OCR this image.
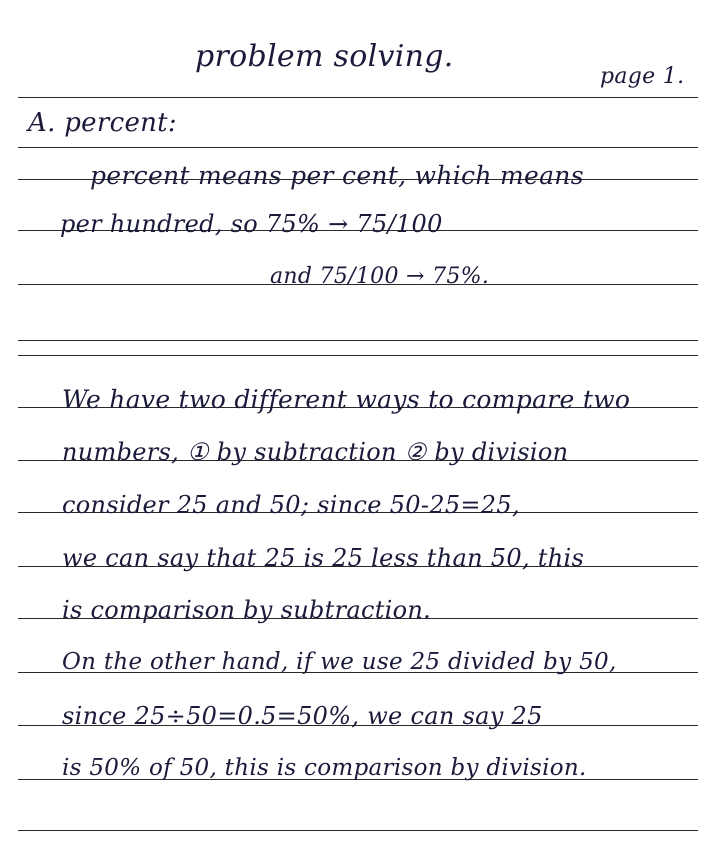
problem solving.
page 1.
A. percent:
percent means per cent, which means
per hundred, so 75% → 75/100
and 75/100 → 75%.
We have two different ways to compare two
numbers, ① by subtraction ② by division
consider 25 and 50; since 50-25=25,
we can say that 25 is 25 less than 50, this
is comparison by subtraction.
On the other hand, if we use 25 divided by 50,
since 25÷50=0.5=50%, we can say 25
is 50% of 50, this is comparison by division.
